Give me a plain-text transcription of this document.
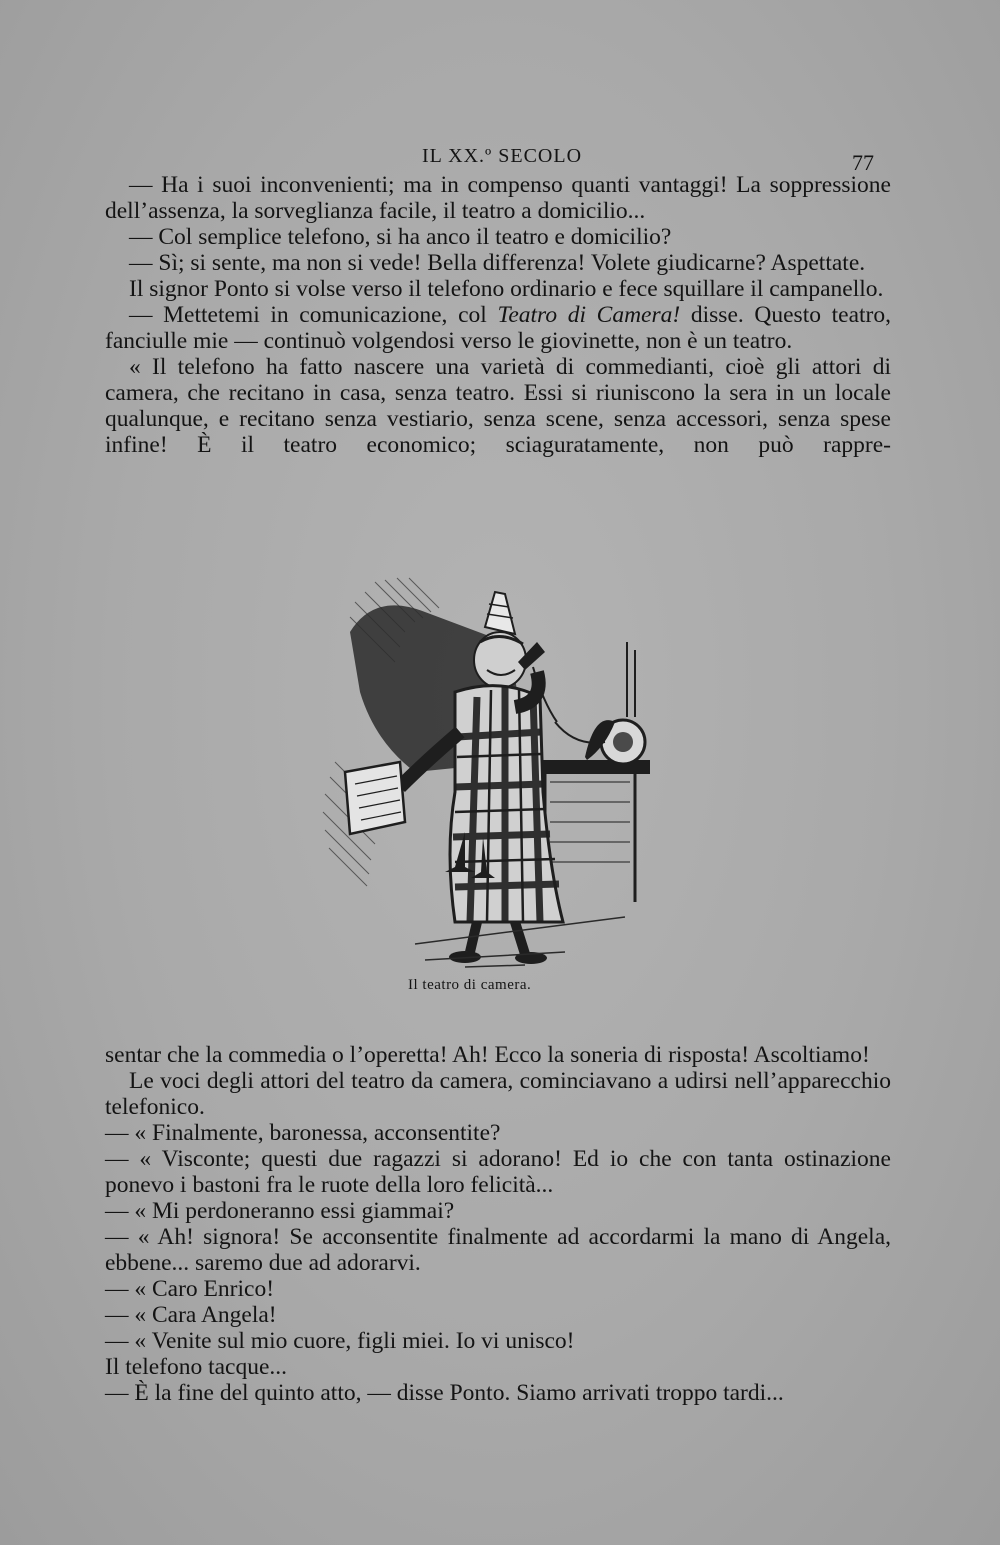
IL XX.º SECOLO	77

— Ha i suoi inconvenienti; ma in compenso quanti vantaggi! La soppressione dell’assenza, la sorveglianza facile, il teatro a domicilio...

— Col semplice telefono, si ha anco il teatro e domicilio?

— Sì; si sente, ma non si vede! Bella differenza! Volete giudicarne? Aspettate.

Il signor Ponto si volse verso il telefono ordinario e fece squillare il campanello.

— Mettetemi in comunicazione, col Teatro di Camera! disse. Questo teatro, fanciulle mie — continuò volgendosi verso le giovinette, non è un teatro.

« Il telefono ha fatto nascere una varietà di commedianti, cioè gli attori di camera, che recitano in casa, senza teatro. Essi si riuniscono la sera in un locale qualunque, e recitano senza vestiario, senza scene, senza accessori, senza spese infine! È il teatro economico; sciaguratamente, non può rappre-

Il teatro di camera.

sentar che la commedia o l’operetta! Ah! Ecco la soneria di risposta! Ascoltiamo!

Le voci degli attori del teatro da camera, cominciavano a udirsi nell’apparecchio telefonico.

— « Finalmente, baronessa, acconsentite?

— « Visconte; questi due ragazzi si adorano! Ed io che con tanta ostinazione ponevo i bastoni fra le ruote della loro felicità...

— « Mi perdoneranno essi giammai?

— « Ah! signora! Se acconsentite finalmente ad accordarmi la mano di Angela, ebbene... saremo due ad adorarvi.

— « Caro Enrico!

— « Cara Angela!

— « Venite sul mio cuore, figli miei. Io vi unisco!

Il telefono tacque...

— È la fine del quinto atto, — disse Ponto. Siamo arrivati troppo tardi...
